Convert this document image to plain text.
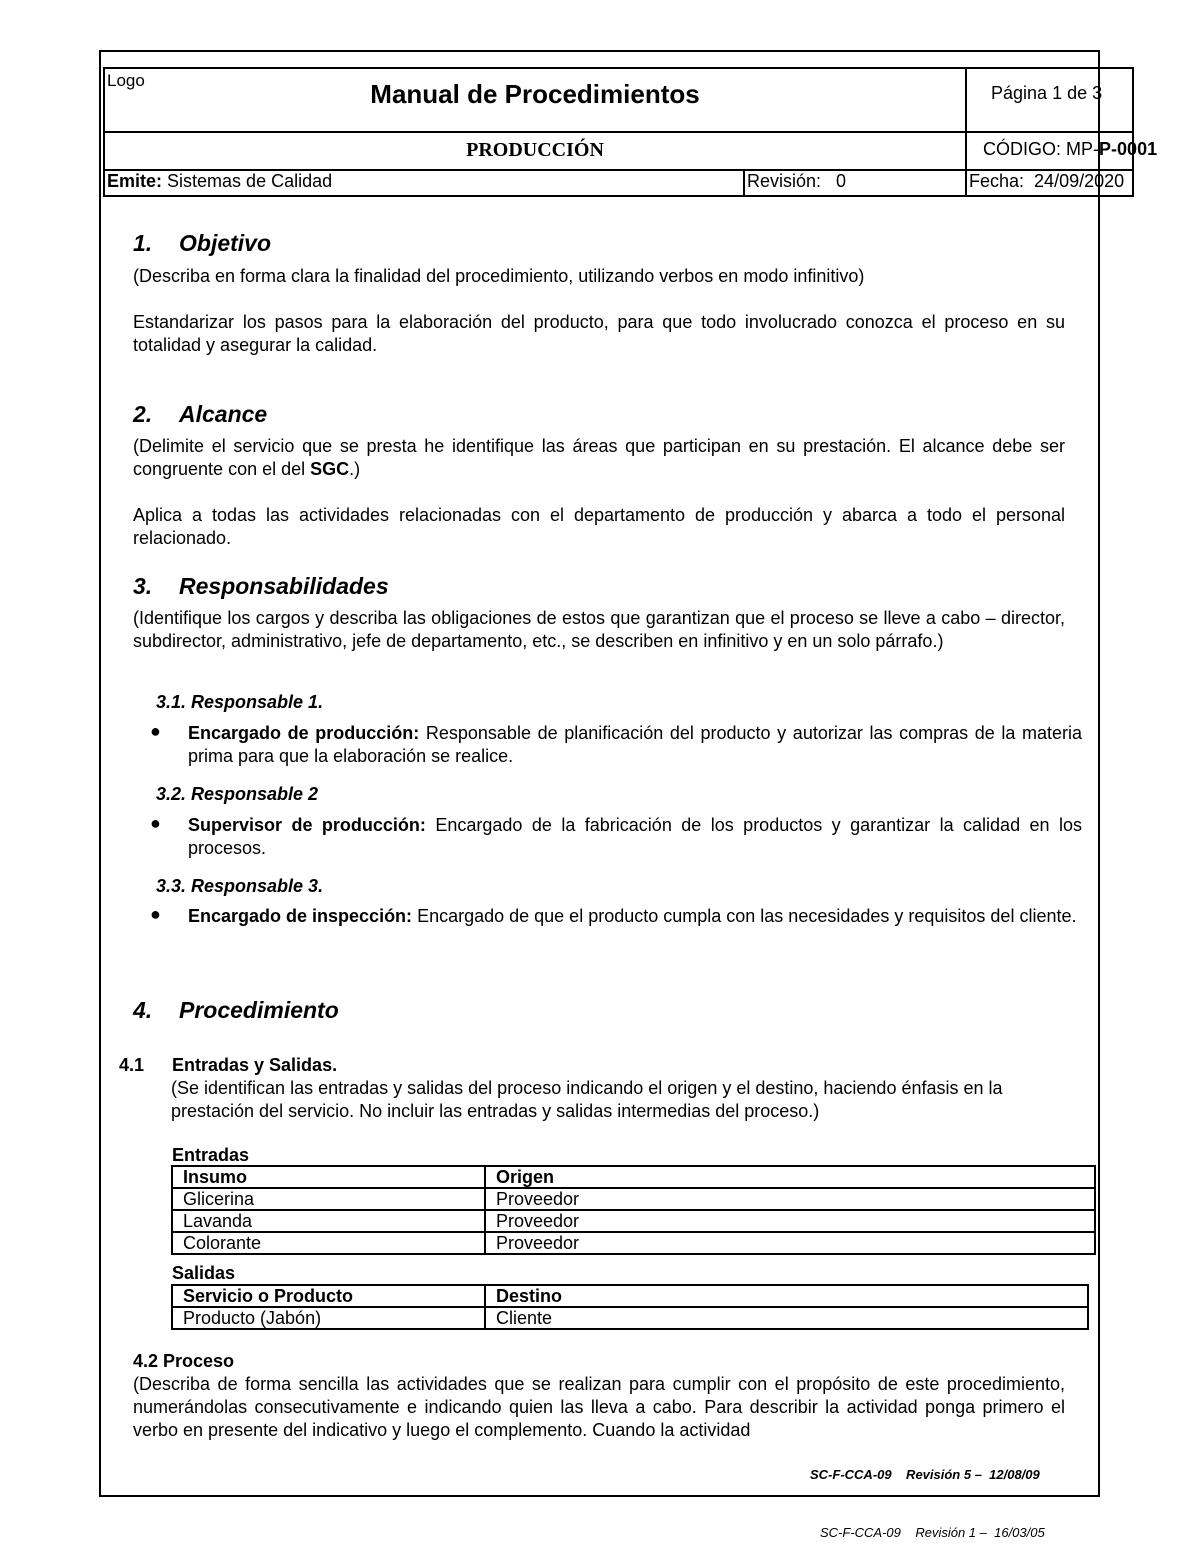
Logo Manual de Procedimientos		Página 1 de 3	
PRODUCCIÓN		CÓDIGO: MP-P-0001	
Emite: Sistemas de Calidad	Revisión:   0	Fecha:  24/09/2020	
1. Objetivo

(Describa en forma clara la finalidad del procedimiento, utilizando verbos en modo infinitivo)

Estandarizar los pasos para la elaboración del producto, para que todo involucrado conozca el proceso en su totalidad y asegurar la calidad.

2. Alcance

(Delimite el servicio que se presta he identifique las áreas que participan en su prestación. El alcance debe ser congruente con el del SGC.)

Aplica a todas las actividades relacionadas con el departamento de producción y abarca a todo el personal relacionado.

3. Responsabilidades

(Identifique los cargos y describa las obligaciones de estos que garantizan que el proceso se lleve a cabo – director, subdirector, administrativo, jefe de departamento, etc., se describen en infinitivo y en un solo párrafo.)

3.1. Responsable 1.

● Encargado de producción: Responsable de planificación del producto y autorizar las compras de la materia prima para que la elaboración se realice.

3.2. Responsable 2

● Supervisor de producción: Encargado de la fabricación de los productos y garantizar la calidad en los procesos.

3.3. Responsable 3.

● Encargado de inspección: Encargado de que el producto cumpla con las necesidades y requisitos del cliente.

4. Procedimiento

4.1 Entradas y Salidas.

(Se identifican las entradas y salidas del proceso indicando el origen y el destino, haciendo énfasis en la prestación del servicio. No incluir las entradas y salidas intermedias del proceso.)

Entradas

Insumo	Origen
Glicerina	Proveedor
Lavanda	Proveedor
Colorante	Proveedor

Salidas

Servicio o Producto	Destino
Producto (Jabón)	Cliente

4.2 Proceso

(Describa de forma sencilla las actividades que se realizan para cumplir con el propósito de este procedimiento, numerándolas consecutivamente e indicando quien las lleva a cabo. Para describir la actividad ponga primero el verbo en presente del indicativo y luego el complemento. Cuando la actividad

SC-F-CCA-09    Revisión 5 –  12/08/09
SC-F-CCA-09    Revisión 1 –  16/03/05
